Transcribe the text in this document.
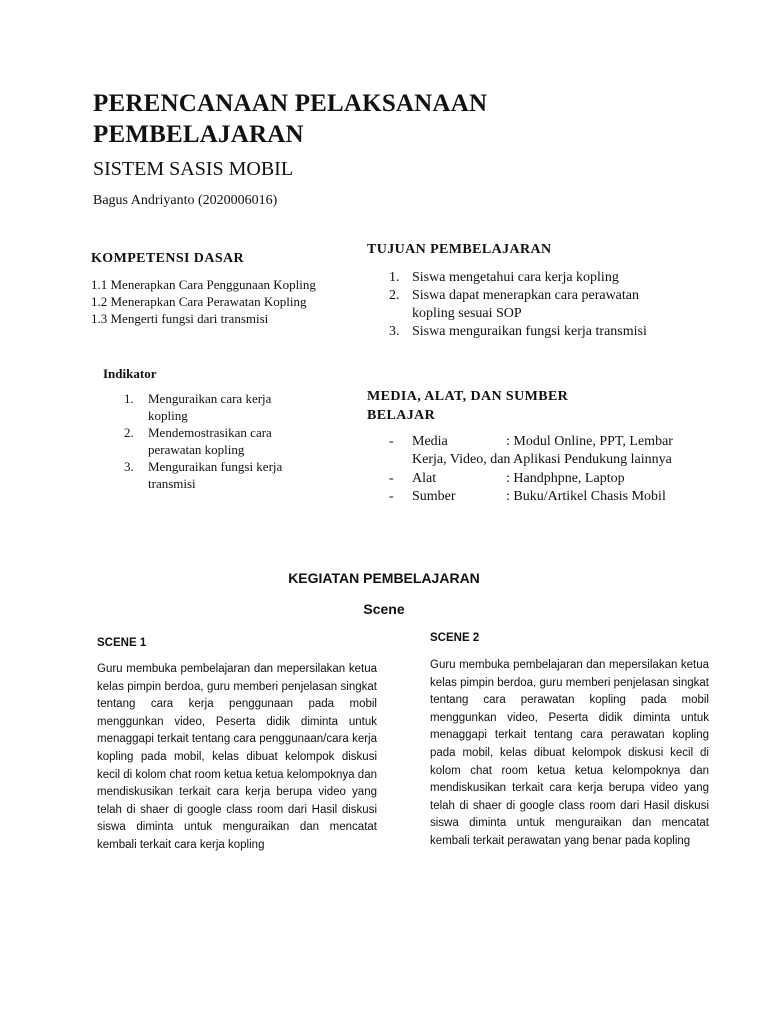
PERENCANAAN PELAKSANAAN PEMBELAJARAN
SISTEM SASIS MOBIL
Bagus Andriyanto (2020006016)
KOMPETENSI DASAR
1.1 Menerapkan Cara Penggunaan Kopling
1.2 Menerapkan Cara Perawatan Kopling
1.3 Mengerti fungsi dari transmisi
Indikator
1. Menguraikan cara kerja kopling
2. Mendemostrasikan cara perawatan kopling
3. Menguraikan fungsi kerja transmisi
TUJUAN PEMBELAJARAN
1. Siswa mengetahui cara kerja kopling
2. Siswa dapat menerapkan cara perawatan kopling sesuai SOP
3. Siswa menguraikan fungsi kerja transmisi
MEDIA, ALAT, DAN SUMBER BELAJAR
- Media	: Modul Online, PPT, Lembar Kerja, Video, dan Aplikasi Pendukung lainnya
- Alat	: Handphpne, Laptop
- Sumber	: Buku/Artikel Chasis Mobil
KEGIATAN PEMBELAJARAN
Scene
SCENE 1

Guru membuka pembelajaran dan mepersilakan ketua kelas pimpin berdoa, guru memberi penjelasan singkat tentang cara kerja penggunaan pada mobil menggunkan video, Peserta didik diminta untuk menaggapi terkait tentang cara penggunaan/cara kerja kopling pada mobil, kelas dibuat kelompok diskusi kecil di kolom chat room ketua ketua kelompoknya dan mendiskusikan terkait cara kerja berupa video yang telah di shaer di google class room dari Hasil diskusi siswa diminta untuk menguraikan dan mencatat kembali terkait cara kerja kopling

SCENE 2

Guru membuka pembelajaran dan mepersilakan ketua kelas pimpin berdoa, guru memberi penjelasan singkat tentang cara perawatan kopling pada mobil menggunkan video, Peserta didik diminta untuk menaggapi terkait tentang cara perawatan kopling pada mobil, kelas dibuat kelompok diskusi kecil di kolom chat room ketua ketua kelompoknya dan mendiskusikan terkait cara kerja berupa video yang telah di shaer di google class room dari Hasil diskusi siswa diminta untuk menguraikan dan mencatat kembali terkait perawatan yang benar pada kopling
